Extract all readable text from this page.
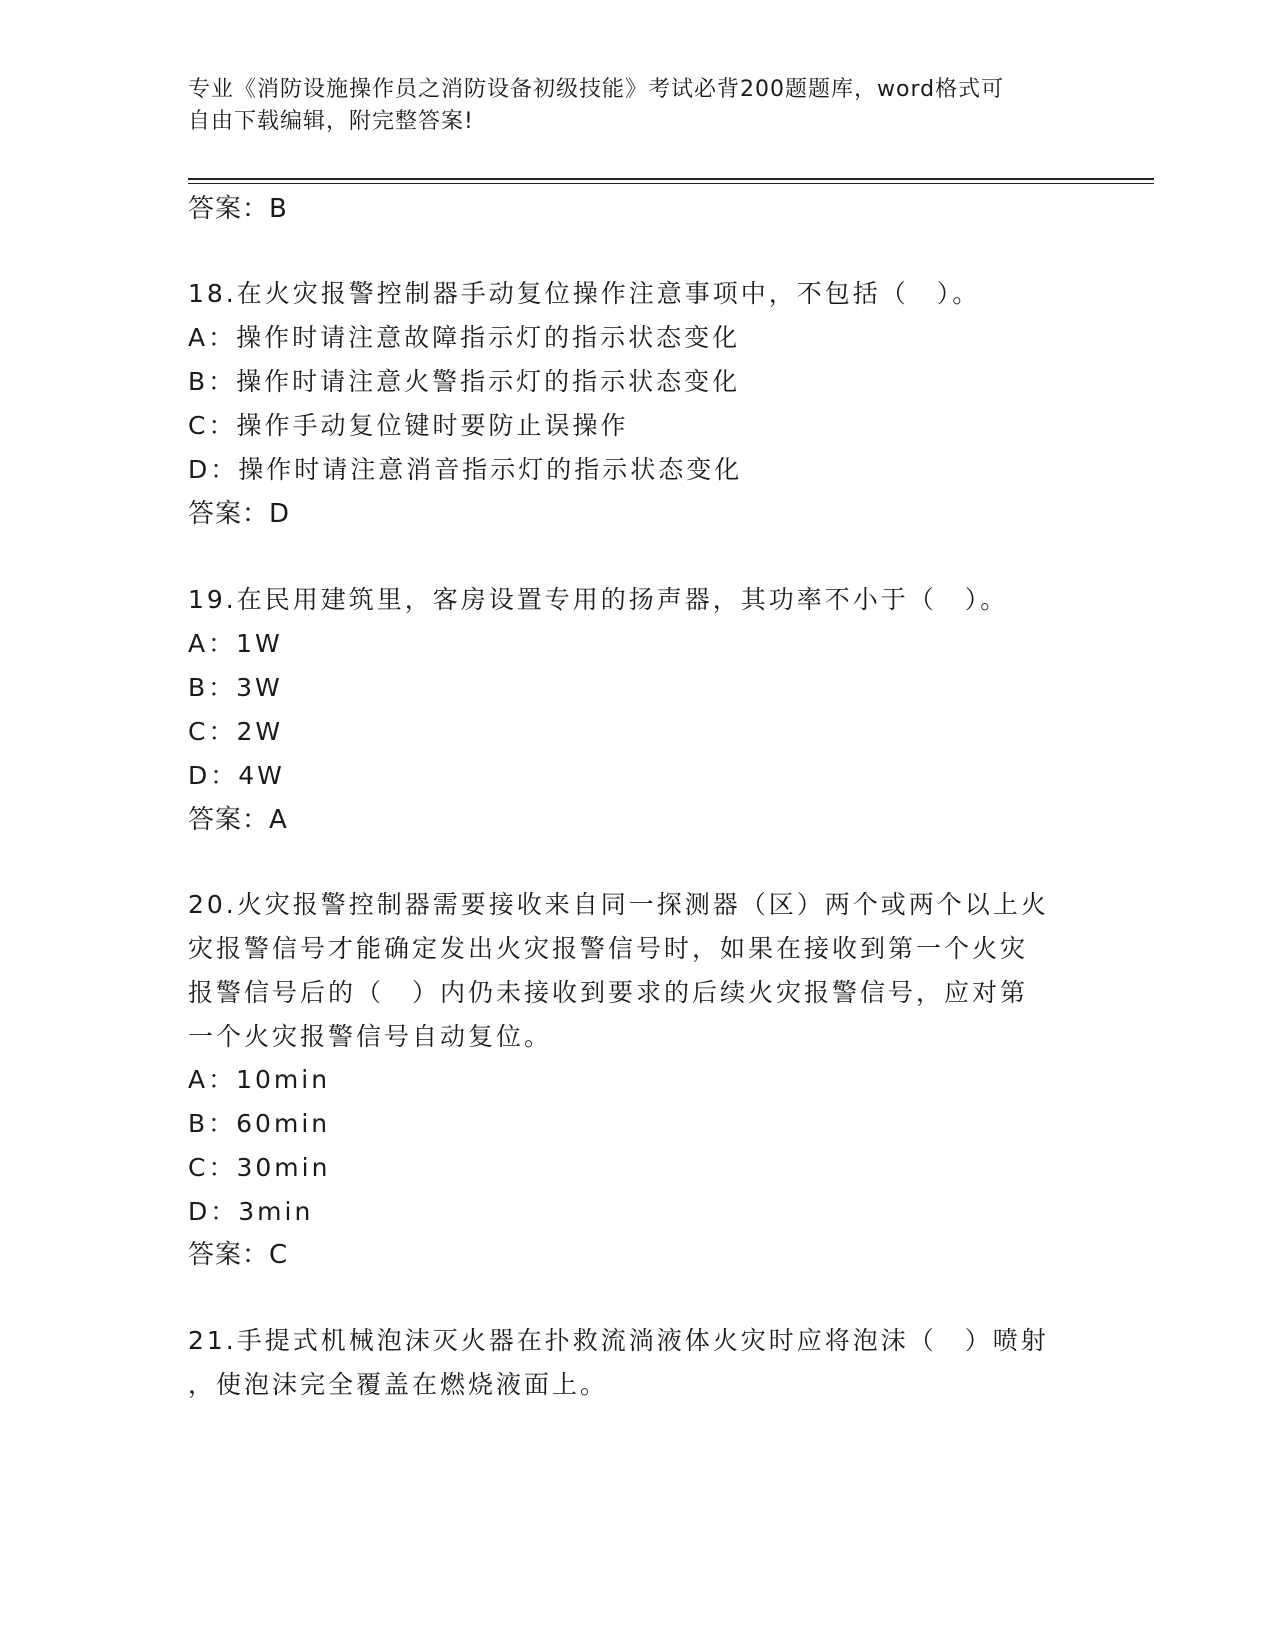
专业《消防设施操作员之消防设备初级技能》考试必背200题题库，word格式可
自由下载编辑，附完整答案!
答案：B
18.在火灾报警控制器手动复位操作注意事项中，不包括（　）。
A：操作时请注意故障指示灯的指示状态变化
B：操作时请注意火警指示灯的指示状态变化
C：操作手动复位键时要防止误操作
D：操作时请注意消音指示灯的指示状态变化
答案：D
19.在民用建筑里，客房设置专用的扬声器，其功率不小于（　）。
A：1W
B：3W
C：2W
D：4W
答案：A
20.火灾报警控制器需要接收来自同一探测器（区）两个或两个以上火
灾报警信号才能确定发出火灾报警信号时，如果在接收到第一个火灾
报警信号后的（　）内仍未接收到要求的后续火灾报警信号，应对第
一个火灾报警信号自动复位。
A：10min
B：60min
C：30min
D：3min
答案：C
21.手提式机械泡沫灭火器在扑救流淌液体火灾时应将泡沫（　）喷射
，使泡沫完全覆盖在燃烧液面上。
